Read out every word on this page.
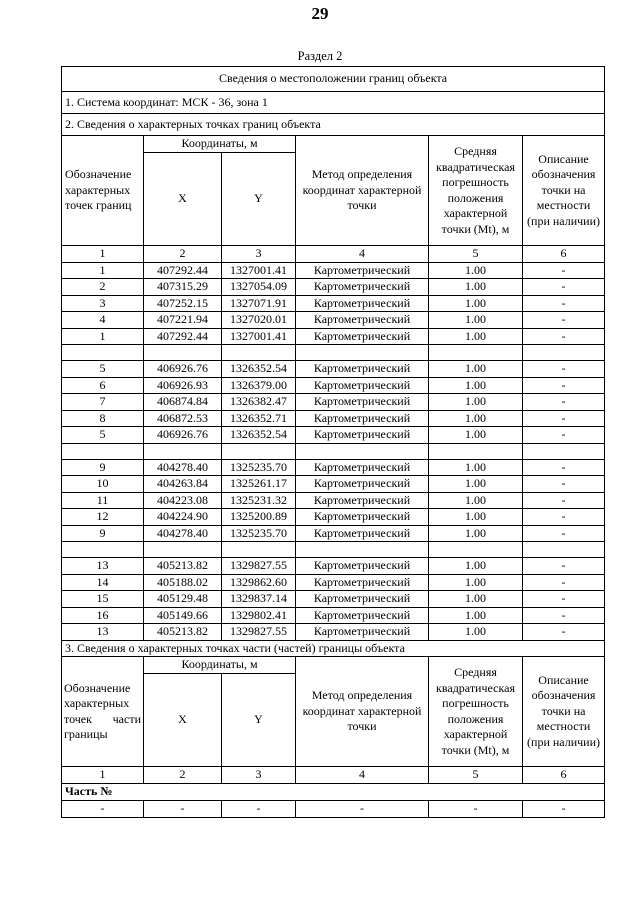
29
Раздел 2
Сведения о местоположении границ объекта					
1. Система координат: МСК - 36, зона 1					
2. Сведения о характерных точках границ объекта					
Обозначение характерных точек границ	Координаты, м		Метод определения координат характерной точки	Средняя квадратическая погрешность положения характерной точки (Mt), м	Описание обозначения точки на местности (при наличии)
	X	Y			
1	2	3	4	5	6
1	407292.44	1327001.41	Картометрический	1.00	-
2	407315.29	1327054.09	Картометрический	1.00	-
3	407252.15	1327071.91	Картометрический	1.00	-
4	407221.94	1327020.01	Картометрический	1.00	-
1	407292.44	1327001.41	Картометрический	1.00	-

5	406926.76	1326352.54	Картометрический	1.00	-
6	406926.93	1326379.00	Картометрический	1.00	-
7	406874.84	1326382.47	Картометрический	1.00	-
8	406872.53	1326352.71	Картометрический	1.00	-
5	406926.76	1326352.54	Картометрический	1.00	-

9	404278.40	1325235.70	Картометрический	1.00	-
10	404263.84	1325261.17	Картометрический	1.00	-
11	404223.08	1325231.32	Картометрический	1.00	-
12	404224.90	1325200.89	Картометрический	1.00	-
9	404278.40	1325235.70	Картометрический	1.00	-

13	405213.82	1329827.55	Картометрический	1.00	-
14	405188.02	1329862.60	Картометрический	1.00	-
15	405129.48	1329837.14	Картометрический	1.00	-
16	405149.66	1329802.41	Картометрический	1.00	-
13	405213.82	1329827.55	Картометрический	1.00	-
3. Сведения о характерных точках части (частей) границы объекта					

Обозначение
характерных
точек части
границы	Координаты, м		Метод определения координат характерной точки	Средняя квадратическая погрешность положения характерной точки (Mt), м	Описание обозначения точки на местности (при наличии)
	X	Y			
1	2	3	4	5	6
Часть №					
-	-	-	-	-	-
